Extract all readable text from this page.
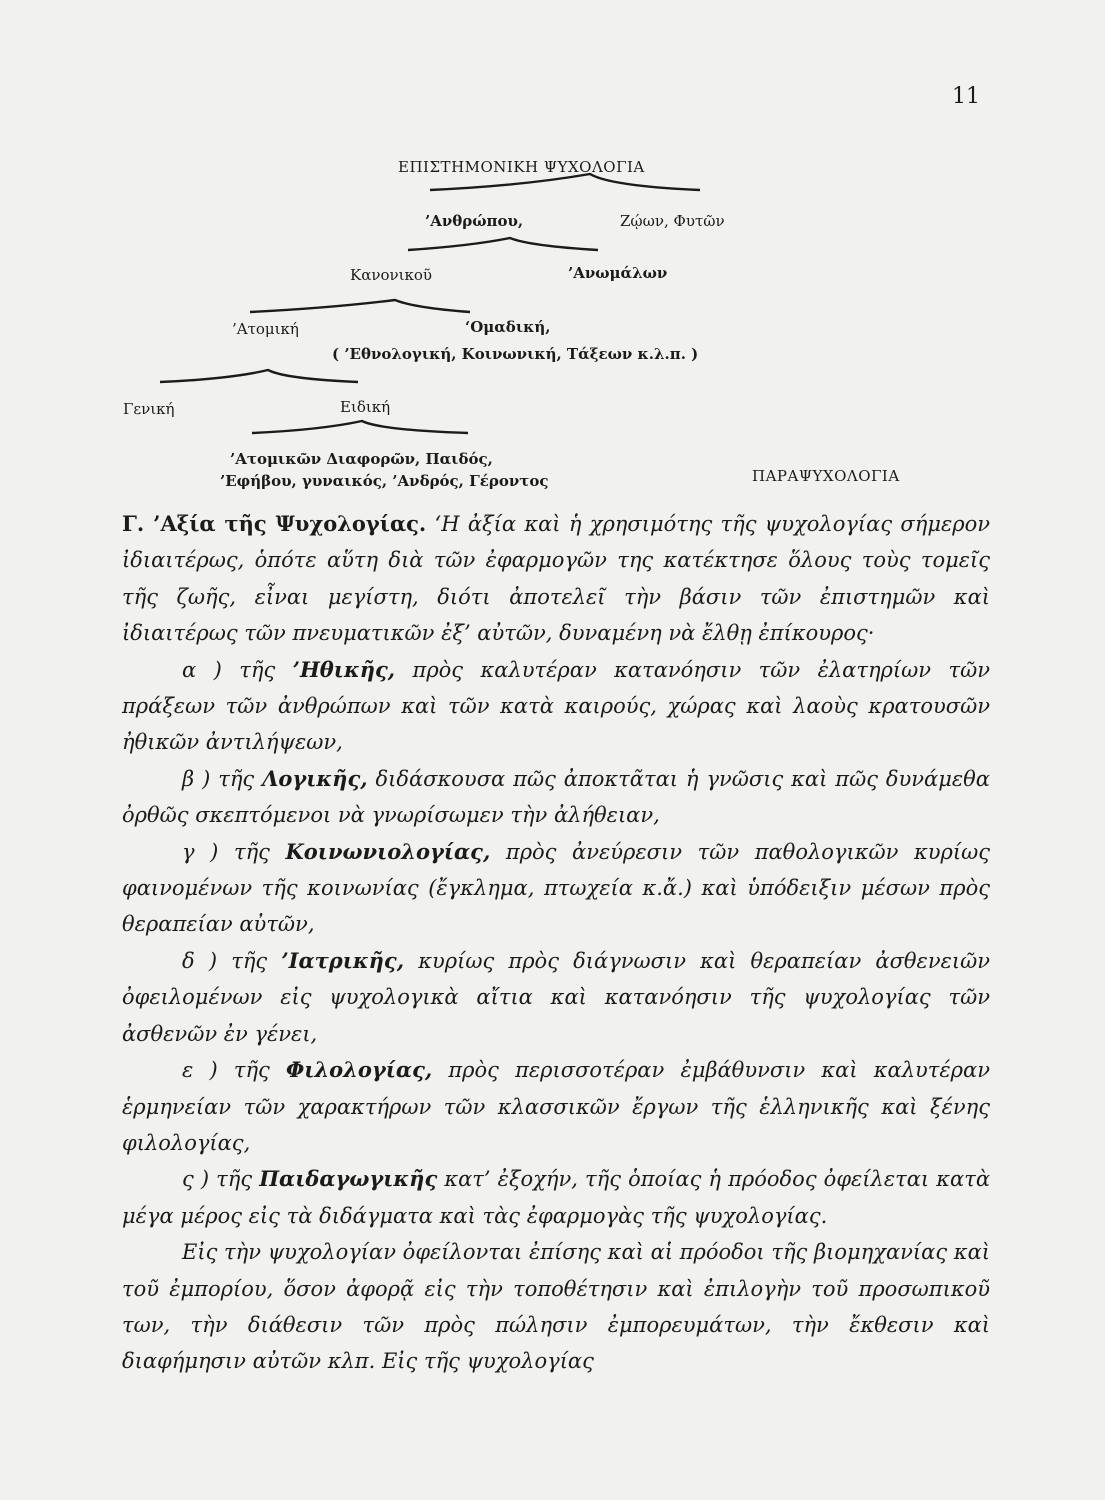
11
ΕΠΙΣΤΗΜΟΝΙΚΗ ΨΥΧΟΛΟΓΙΑ
’Ανθρώπου,	Ζῴων, Φυτῶν
Κανονικοῦ	’Ανωμάλων
’Ατομική	‘Ομαδική,
( ’Εθνολογική, Κοινωνική, Τάξεων κ.λ.π. )
Γενική	Ειδική
’Ατομικῶν Διαφορῶν, Παιδός,
’Εφήβου, γυναικός, ’Ανδρός, Γέροντος	ΠΑΡΑΨΥΧΟΛΟΓΙΑ

Γ. ’Αξία τῆς Ψυχολογίας. ‘Η ἀξία καὶ ἡ χρησιμότης τῆς ψυχολογίας σήμερον ἰδιαιτέρως, ὁπότε αὕτη διὰ τῶν ἐφαρμογῶν της κατέκτησε ὅλους τοὺς τομεῖς τῆς ζωῆς, εἶναι μεγίστη, διότι ἀποτελεῖ τὴν βάσιν τῶν ἐπιστημῶν καὶ ἰδιαιτέρως τῶν πνευματικῶν ἐξ’ αὐτῶν, δυναμένη νὰ ἔλθῃ ἐπίκουρος·

α ) τῆς ’Ηθικῆς, πρὸς καλυτέραν κατανόησιν τῶν ἐλατηρίων τῶν πράξεων τῶν ἀνθρώπων καὶ τῶν κατὰ καιρούς, χώρας καὶ λαοὺς κρατουσῶν ἠθικῶν ἀντιλήψεων,

β ) τῆς Λογικῆς, διδάσκουσα πῶς ἀποκτᾶται ἡ γνῶσις καὶ πῶς δυνάμεθα ὀρθῶς σκεπτόμενοι νὰ γνωρίσωμεν τὴν ἀλήθειαν,

γ ) τῆς Κοινωνιολογίας, πρὸς ἀνεύρεσιν τῶν παθολογικῶν κυρίως φαινομένων τῆς κοινωνίας (ἔγκλημα, πτωχεία κ.ἄ.) καὶ ὑπόδειξιν μέσων πρὸς θεραπείαν αὐτῶν,

δ ) τῆς ’Ιατρικῆς, κυρίως πρὸς διάγνωσιν καὶ θεραπείαν ἀσθενειῶν ὀφειλομένων εἰς ψυχολογικὰ αἴτια καὶ κατανόησιν τῆς ψυχολογίας τῶν ἀσθενῶν ἐν γένει,

ε ) τῆς Φιλολογίας, πρὸς περισσοτέραν ἐμβάθυνσιν καὶ καλυτέραν ἑρμηνείαν τῶν χαρακτήρων τῶν κλασσικῶν ἔργων τῆς ἑλληνικῆς καὶ ξένης φιλολογίας,

ς ) τῆς Παιδαγωγικῆς κατ’ ἐξοχήν, τῆς ὁποίας ἡ πρόοδος ὀφείλεται κατὰ μέγα μέρος εἰς τὰ διδάγματα καὶ τὰς ἐφαρμογὰς τῆς ψυχολογίας.

Εἰς τὴν ψυχολογίαν ὀφείλονται ἐπίσης καὶ αἱ πρόοδοι τῆς βιομηχανίας καὶ τοῦ ἐμπορίου, ὅσον ἀφορᾷ εἰς τὴν τοποθέτησιν καὶ ἐπιλογὴν τοῦ προσωπικοῦ των, τὴν διάθεσιν τῶν πρὸς πώλησιν ἐμπορευμάτων, τὴν ἔκθεσιν καὶ διαφήμησιν αὐτῶν κλπ. Εἰς τῆς ψυχολογίας
